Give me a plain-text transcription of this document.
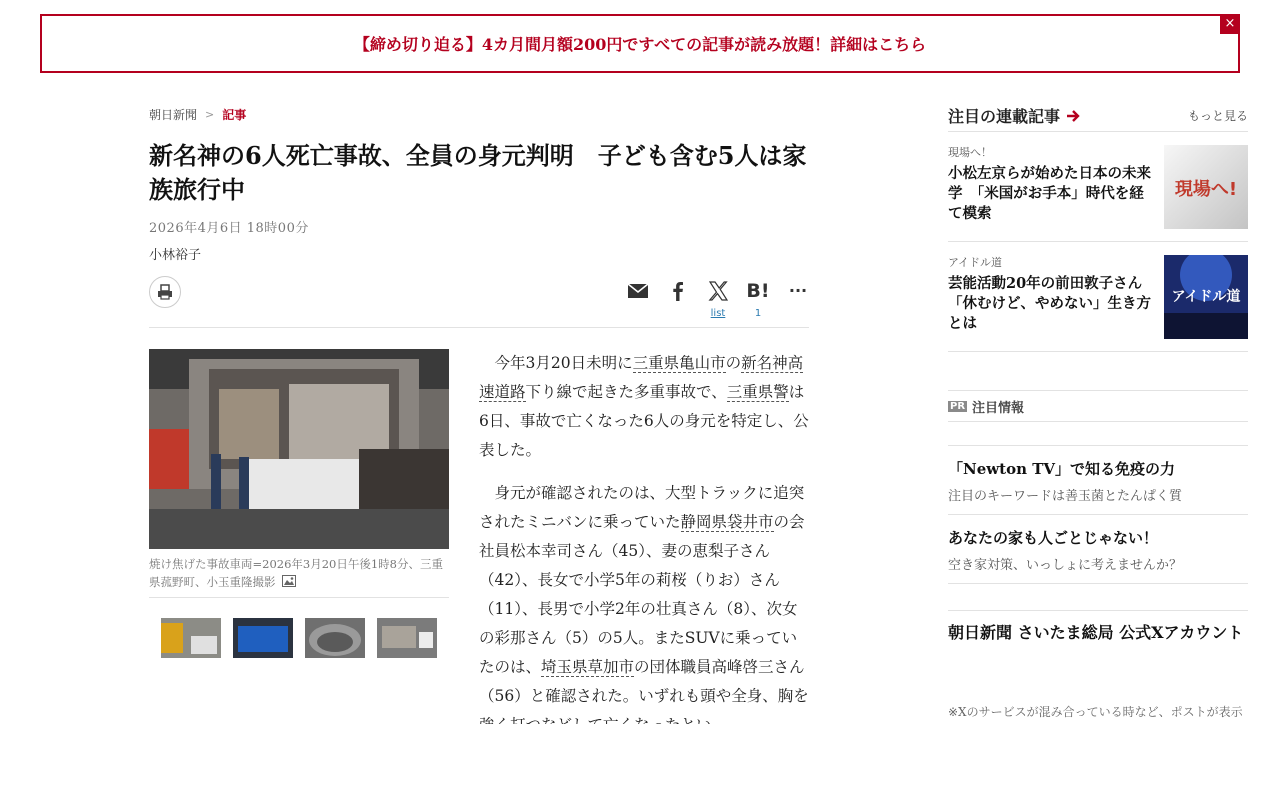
【締め切り迫る】4カ月間月額200円ですべての記事が読み放題！詳細はこちら
×
朝日新聞 > 記事
新名神の6人死亡事故、全員の身元判明　子ども含む5人は家族旅行中
2026年4月6日 18時00分
小林裕子
list
B!
1
···
焼け焦げた事故車両=2026年3月20日午後1時8分、三重県菰野町、小玉重隆撮影

今年3月20日未明に三重県亀山市の新名神高速道路下り線で起きた多重事故で、三重県警は6日、事故で亡くなった6人の身元を特定し、公表した。

身元が確認されたのは、大型トラックに追突されたミニバンに乗っていた静岡県袋井市の会社員松本幸司さん（45）、妻の恵梨子さん（42）、長女で小学5年の莉桜（りお）さん（11）、長男で小学2年の壮真さん（8）、次女の彩那さん（5）の5人。またSUVに乗っていたのは、埼玉県草加市の団体職員高峰啓三さん（56）と確認された。いずれも頭や全身、胸を

注目の連載記事	もっと見る
現場へ！
小松左京らが始めた日本の未来学　「米国がお手本」時代を経て模索
現場へ!
アイドル道
芸能活動20年の前田敦子さん「休むけど、やめない」生き方とは
アイドル道
PR 注目情報
「Newton TV」で知る免疫の力
注目のキーワードは善玉菌とたんぱく質
あなたの家も人ごとじゃない！
空き家対策、いっしょに考えませんか？
朝日新聞 さいたま総局 公式Xアカウント
※Xのサービスが混み合っている時など、ポストが表示
